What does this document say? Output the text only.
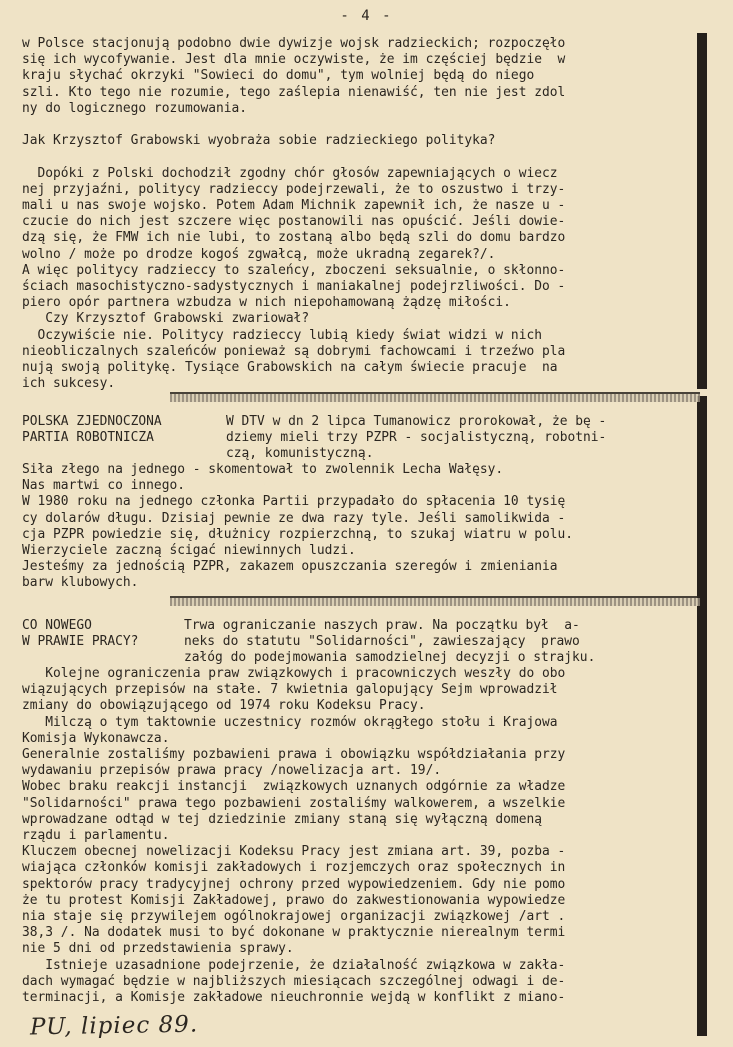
- 4 -

w Polsce stacjonują podobno dwie dywizje wojsk radzieckich; rozpoczęło

się ich wycofywanie. Jest dla mnie oczywiste, że im częściej będzie  w

kraju słychać okrzyki "Sowieci do domu", tym wolniej będą do niego

szli. Kto tego nie rozumie, tego zaślepia nienawiść, ten nie jest zdol

ny do logicznego rozumowania.

Jak Krzysztof Grabowski wyobraża sobie radzieckiego polityka?

Dopóki z Polski dochodził zgodny chór głosów zapewniających o wiecz

nej przyjaźni, politycy radzieccy podejrzewali, że to oszustwo i trzy-

mali u nas swoje wojsko. Potem Adam Michnik zapewnił ich, że nasze u -

czucie do nich jest szczere więc postanowili nas opuścić. Jeśli dowie-

dzą się, że FMW ich nie lubi, to zostaną albo będą szli do domu bardzo

wolno / może po drodze kogoś zgwałcą, może ukradną zegarek?/.

A więc politycy radzieccy to szaleńcy, zboczeni seksualnie, o skłonno-

ściach masochistyczno-sadystycznych i maniakalnej podejrzliwości. Do -

piero opór partnera wzbudza w nich niepohamowaną żądzę miłości.

Czy Krzysztof Grabowski zwariował?

Oczywiście nie. Politycy radzieccy lubią kiedy świat widzi w nich

nieobliczalnych szaleńców ponieważ są dobrymi fachowcami i trzeźwo pla

nują swoją politykę. Tysiące Grabowskich na całym świecie pracuje  na

ich sukcesy.

POLSKA ZJEDNOCZONA

PARTIA ROBOTNICZA

W DTV w dn 2 lipca Tumanowicz prorokował, że bę -

dziemy mieli trzy PZPR - socjalistyczną, robotni-

czą, komunistyczną.

Siła złego na jednego - skomentował to zwolennik Lecha Wałęsy.

Nas martwi co innego.

W 1980 roku na jednego członka Partii przypadało do spłacenia 10 tysię

cy dolarów długu. Dzisiaj pewnie ze dwa razy tyle. Jeśli samolikwida -

cja PZPR powiedzie się, dłużnicy rozpierzchną, to szukaj wiatru w polu.

Wierzyciele zaczną ścigać niewinnych ludzi.

Jesteśmy za jednością PZPR, zakazem opuszczania szeregów i zmieniania

barw klubowych.

CO NOWEGO

W PRAWIE PRACY?

Trwa ograniczanie naszych praw. Na początku był  a-

neks do statutu "Solidarności", zawieszający  prawo

załóg do podejmowania samodzielnej decyzji o strajku.

Kolejne ograniczenia praw związkowych i pracowniczych weszły do obo

wiązujących przepisów na stałe. 7 kwietnia galopujący Sejm wprowadził

zmiany do obowiązującego od 1974 roku Kodeksu Pracy.

Milczą o tym taktownie uczestnicy rozmów okrągłego stołu i Krajowa

Komisja Wykonawcza.

Generalnie zostaliśmy pozbawieni prawa i obowiązku współdziałania przy

wydawaniu przepisów prawa pracy /nowelizacja art. 19/.

Wobec braku reakcji instancji  związkowych uznanych odgórnie za władze

"Solidarności" prawa tego pozbawieni zostaliśmy walkowerem, a wszelkie

wprowadzane odtąd w tej dziedzinie zmiany staną się wyłączną domeną

rządu i parlamentu.

Kluczem obecnej nowelizacji Kodeksu Pracy jest zmiana art. 39, pozba -

wiająca członków komisji zakładowych i rozjemczych oraz społecznych in

spektorów pracy tradycyjnej ochrony przed wypowiedzeniem. Gdy nie pomo

że tu protest Komisji Zakładowej, prawo do zakwestionowania wypowiedze

nia staje się przywilejem ogólnokrajowej organizacji związkowej /art .

38,3 /. Na dodatek musi to być dokonane w praktycznie nierealnym termi

nie 5 dni od przedstawienia sprawy.

Istnieje uzasadnione podejrzenie, że działalność związkowa w zakła-

dach wymagać będzie w najbliższych miesiącach szczególnej odwagi i de-

terminacji, a Komisje zakładowe nieuchronnie wejdą w konflikt z miano-

PU, lipiec 89.
